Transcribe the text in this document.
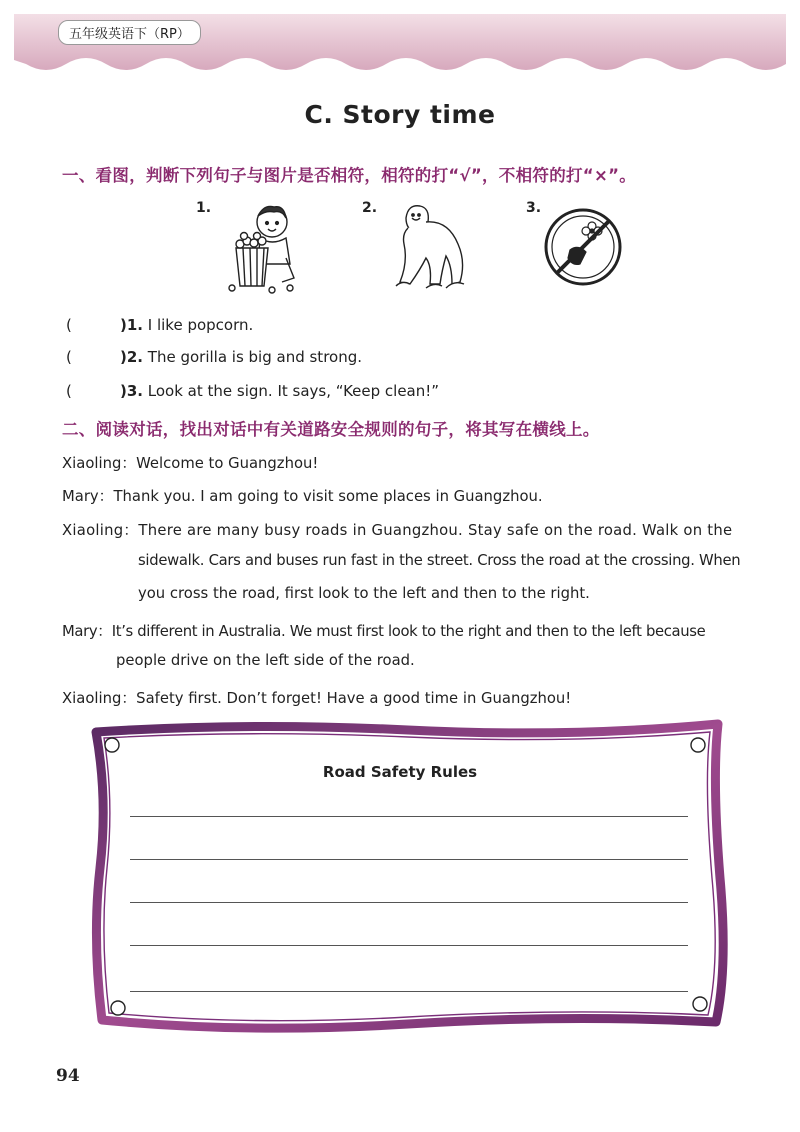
五年级英语下（RP）
C. Story time
一、看图，判断下列句子与图片是否相符，相符的打“√”，不相符的打“×”。
1.	2.	3.
(	)1. I like popcorn.
(	)2. The gorilla is big and strong.
(	)3. Look at the sign. It says, “Keep clean!”
二、阅读对话，找出对话中有关道路安全规则的句子，将其写在横线上。
Xiaoling：Welcome to Guangzhou!
Mary：Thank you. I am going to visit some places in Guangzhou.
Xiaoling：There are many busy roads in Guangzhou. Stay safe on the road. Walk on the
sidewalk. Cars and buses run fast in the street. Cross the road at the crossing. When
you cross the road, first look to the left and then to the right.
Mary：It’s different in Australia. We must first look to the right and then to the left because
people drive on the left side of the road.
Xiaoling：Safety first. Don’t forget! Have a good time in Guangzhou!
Road Safety Rules
94
